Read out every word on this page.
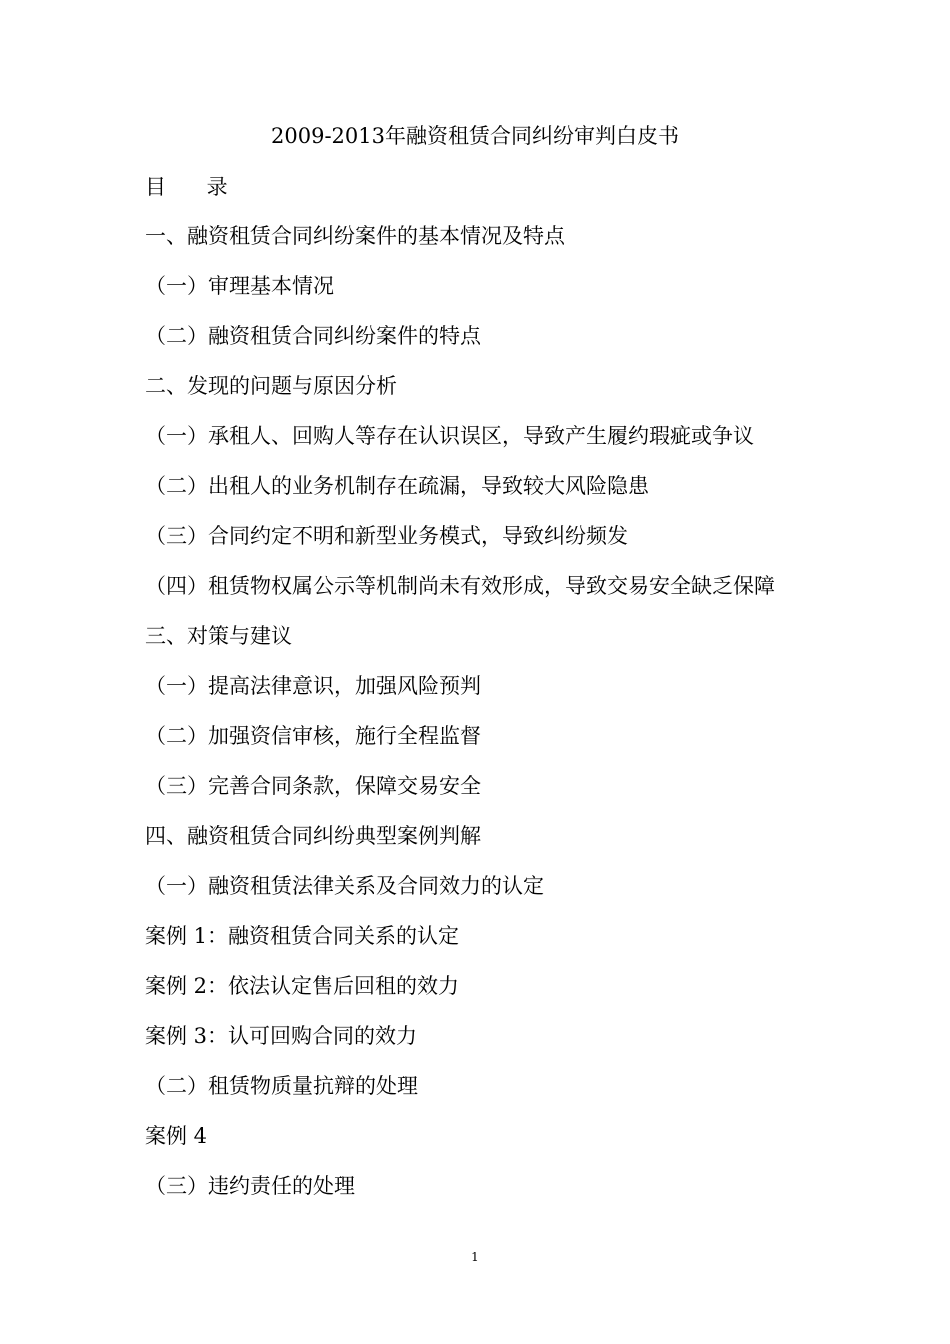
2009-2013年融资租赁合同纠纷审判白皮书
目 录
一、融资租赁合同纠纷案件的基本情况及特点
（一）审理基本情况
（二）融资租赁合同纠纷案件的特点
二、发现的问题与原因分析
（一）承租人、回购人等存在认识误区，导致产生履约瑕疵或争议
（二）出租人的业务机制存在疏漏，导致较大风险隐患
（三）合同约定不明和新型业务模式，导致纠纷频发
（四）租赁物权属公示等机制尚未有效形成，导致交易安全缺乏保障
三、对策与建议
（一）提高法律意识，加强风险预判
（二）加强资信审核，施行全程监督
（三）完善合同条款，保障交易安全
四、融资租赁合同纠纷典型案例判解
（一）融资租赁法律关系及合同效力的认定
案例 1：融资租赁合同关系的认定
案例 2：依法认定售后回租的效力
案例 3：认可回购合同的效力
（二）租赁物质量抗辩的处理
案例 4
（三）违约责任的处理
1
